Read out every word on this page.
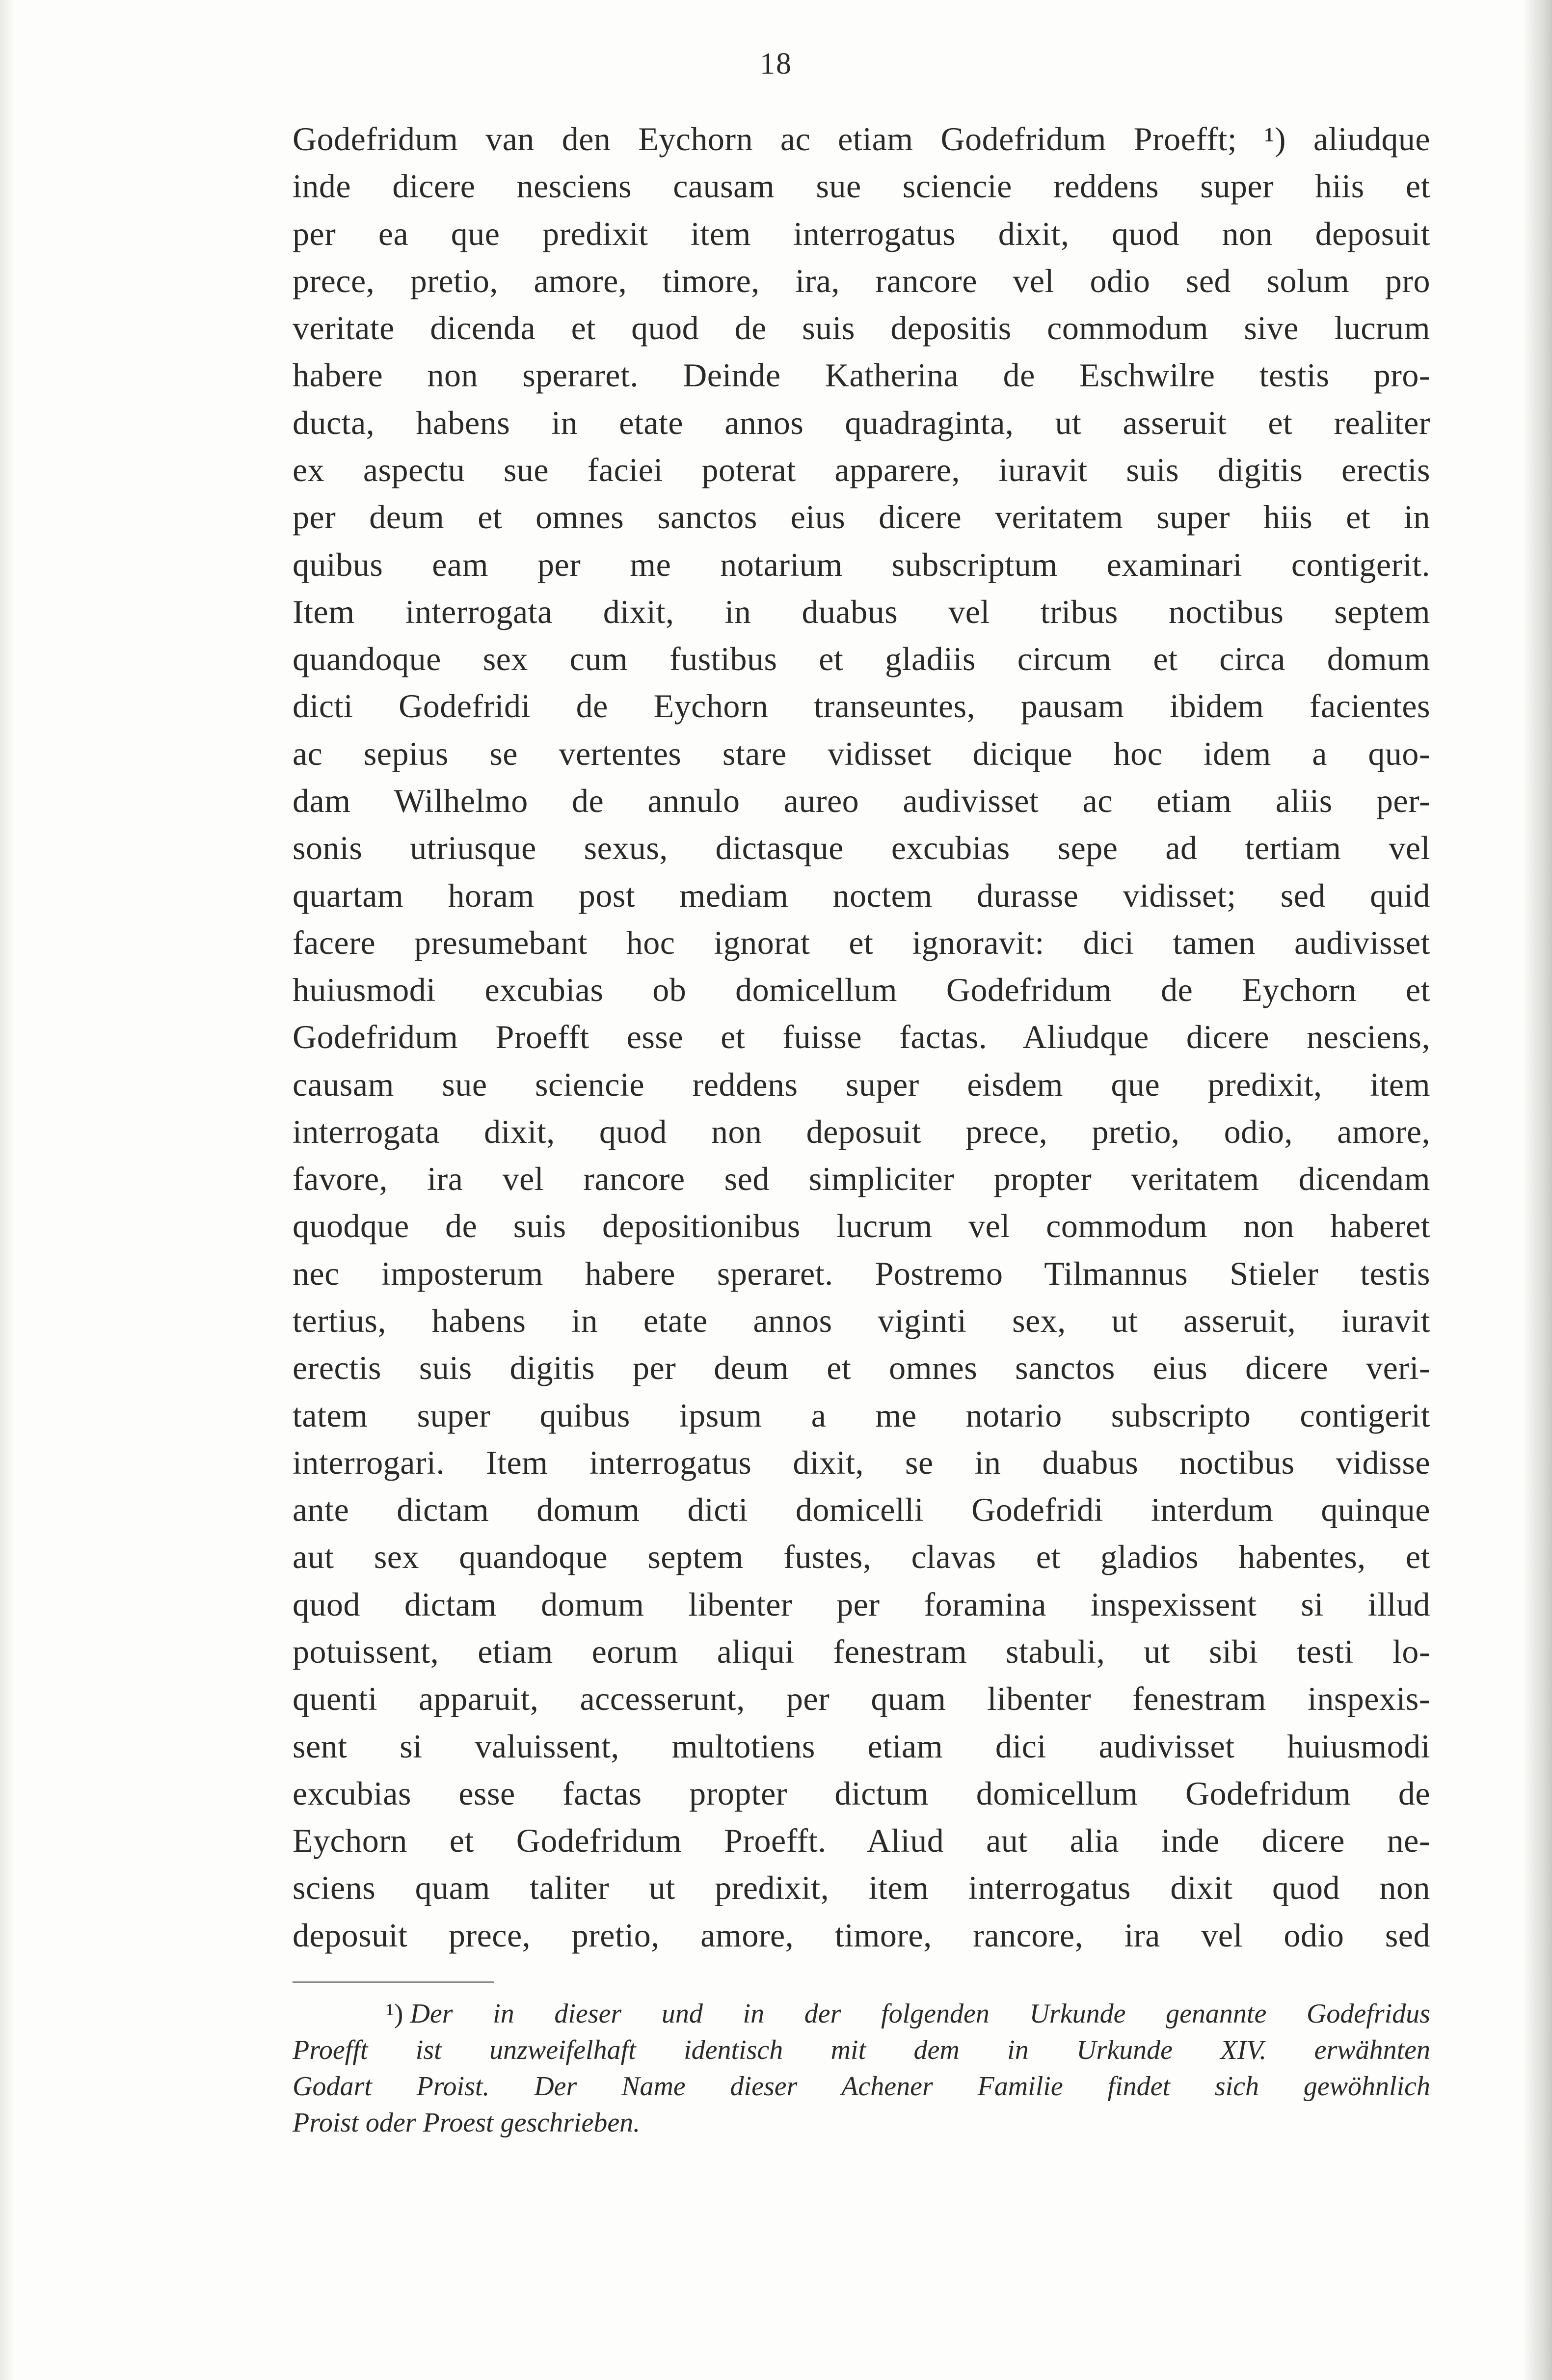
18
Godefridum van den Eychorn ac etiam Godefridum Proefft; ¹) aliudque
inde dicere nesciens causam sue sciencie reddens super hiis et
per ea que predixit item interrogatus dixit, quod non deposuit
prece, pretio, amore, timore, ira, rancore vel odio sed solum pro
veritate dicenda et quod de suis depositis commodum sive lucrum
habere non speraret. Deinde Katherina de Eschwilre testis pro-
ducta, habens in etate annos quadraginta, ut asseruit et realiter
ex aspectu sue faciei poterat apparere, iuravit suis digitis erectis
per deum et omnes sanctos eius dicere veritatem super hiis et in
quibus eam per me notarium subscriptum examinari contigerit.
Item interrogata dixit, in duabus vel tribus noctibus septem
quandoque sex cum fustibus et gladiis circum et circa domum
dicti Godefridi de Eychorn transeuntes, pausam ibidem facientes
ac sepius se vertentes stare vidisset dicique hoc idem a quo-
dam Wilhelmo de annulo aureo audivisset ac etiam aliis per-
sonis utriusque sexus, dictasque excubias sepe ad tertiam vel
quartam horam post mediam noctem durasse vidisset; sed quid
facere presumebant hoc ignorat et ignoravit: dici tamen audivisset
huiusmodi excubias ob domicellum Godefridum de Eychorn et
Godefridum Proefft esse et fuisse factas. Aliudque dicere nesciens,
causam sue sciencie reddens super eisdem que predixit, item
interrogata dixit, quod non deposuit prece, pretio, odio, amore,
favore, ira vel rancore sed simpliciter propter veritatem dicendam
quodque de suis depositionibus lucrum vel commodum non haberet
nec imposterum habere speraret. Postremo Tilmannus Stieler testis
tertius, habens in etate annos viginti sex, ut asseruit, iuravit
erectis suis digitis per deum et omnes sanctos eius dicere veri-
tatem super quibus ipsum a me notario subscripto contigerit
interrogari. Item interrogatus dixit, se in duabus noctibus vidisse
ante dictam domum dicti domicelli Godefridi interdum quinque
aut sex quandoque septem fustes, clavas et gladios habentes, et
quod dictam domum libenter per foramina inspexissent si illud
potuissent, etiam eorum aliqui fenestram stabuli, ut sibi testi lo-
quenti apparuit, accesserunt, per quam libenter fenestram inspexis-
sent si valuissent, multotiens etiam dici audivisset huiusmodi
excubias esse factas propter dictum domicellum Godefridum de
Eychorn et Godefridum Proefft. Aliud aut alia inde dicere ne-
sciens quam taliter ut predixit, item interrogatus dixit quod non
deposuit prece, pretio, amore, timore, rancore, ira vel odio sed
¹) Der in dieser und in der folgenden Urkunde genannte Godefridus
Proefft ist unzweifelhaft identisch mit dem in Urkunde XIV. erwähnten
Godart Proist. Der Name dieser Achener Familie findet sich gewöhnlich
Proist oder Proest geschrieben.
